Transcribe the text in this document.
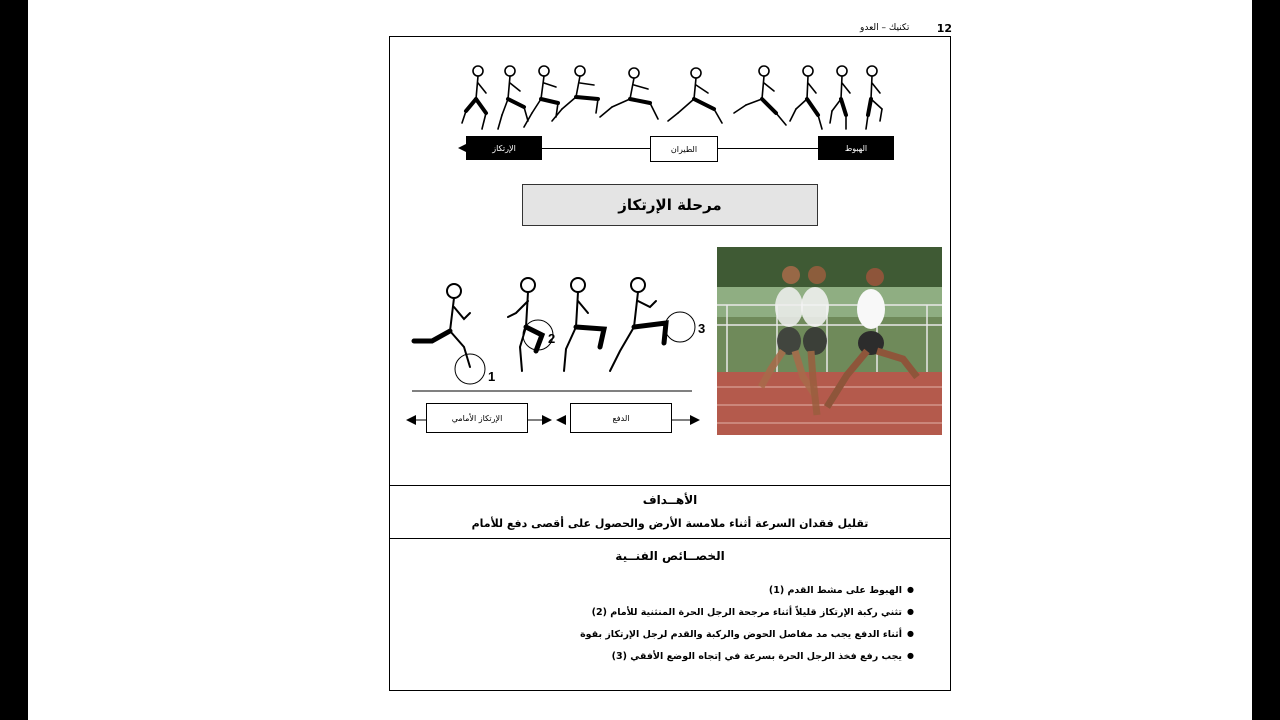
تكنيك – العدو 12
الإرتكاز	الطيران	الهبوط
مرحلة الإرتكاز
1
2
3
الإرتكاز الأمامي	الدفع
الأهــداف
تقليل فقدان السرعة أثناء ملامسة الأرض والحصول على أقصى دفع للأمام
الخصــائص الفنــية
● الهبوط على مشط القدم (1)
● تثني ركبة الإرتكاز قليلاً أثناء مرجحة الرجل الحرة المنثنية للأمام (2)
● أثناء الدفع يجب مد مفاصل الحوض والركبة والقدم لرجل الإرتكاز بقوة
● يجب رفع فخذ الرجل الحرة بسرعة في إتجاه الوضع الأفقي (3)
